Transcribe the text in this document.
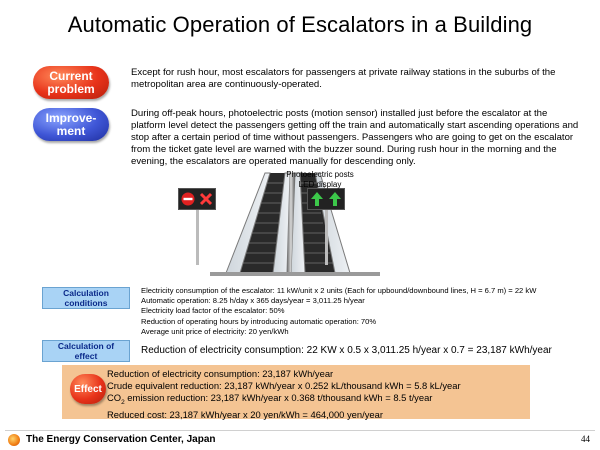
Automatic Operation of Escalators in a Building
Current
problem
Except for rush hour, most escalators for passengers at private railway stations in the suburbs of the metropolitan area are continuously-operated.
Improve-
ment
During off-peak hours, photoelectric posts (motion sensor) installed just before the escalator at the platform level detect the passengers getting off the train and automatically start ascending operations and stop after a certain period of time without passengers. Passengers who are going to get on the escalator from the ticket gate level are warned with the buzzer sound. During rush hour in the morning and the evening, the escalators are operated manually for descending only.
Photoelectric posts
LED display
Calculation
conditions
Electricity consumption of the escalator: 11 kW/unit x 2 units (Each for upbound/downbound lines, H = 6.7 m) = 22 kW
Automatic operation: 8.25 h/day x 365 days/year = 3,011.25 h/year
Electricity load factor of the escalator: 50%
Reduction of operating hours by introducing automatic operation: 70%
Average unit price of electricity: 20 yen/kWh
Calculation of
effect	Reduction of electricity consumption: 22 KW x 0.5 x 3,011.25 h/year x 0.7 = 23,187 kWh/year
Effect
Reduction of electricity consumption: 23,187 kWh/year
Crude equivalent reduction: 23,187 kWh/year x 0.252 kL/thousand kWh = 5.8 kL/year
$CO_2$ emission reduction: 23,187 kWh/year x 0.368 t/thousand kWh = 8.5 t/year
Reduced cost: 23,187 kWh/year x 20 yen/kWh = 464,000 yen/year
The Energy Conservation Center, Japan	44
